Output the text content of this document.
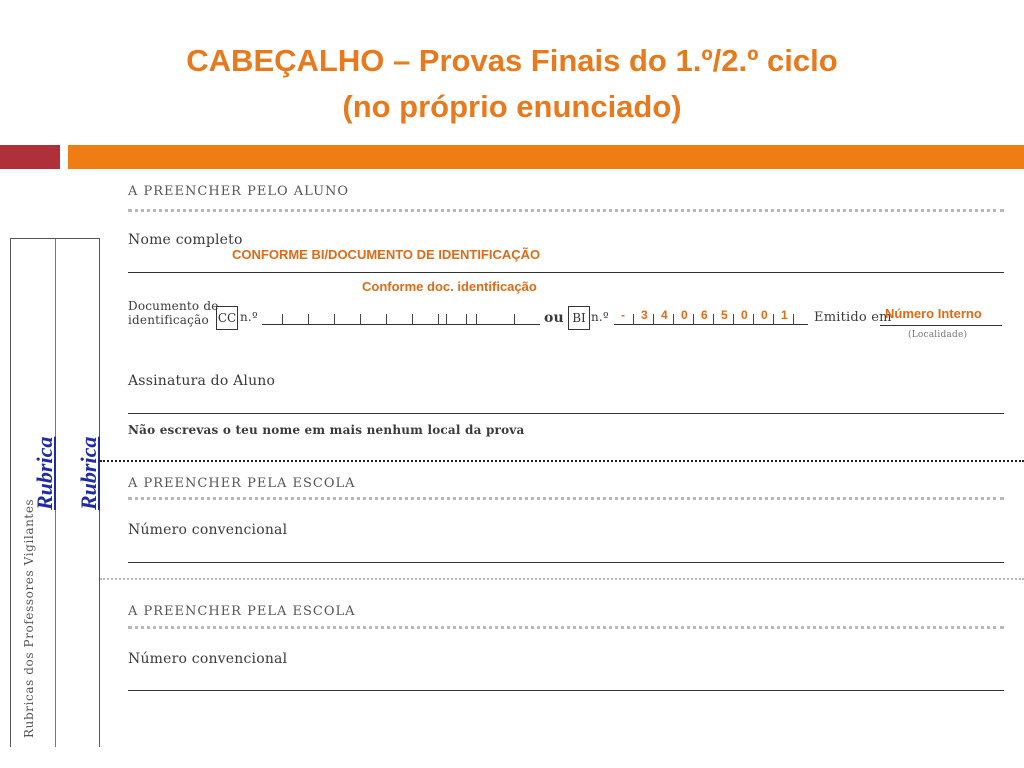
CABEÇALHO – Provas Finais do 1.º/2.º ciclo
(no próprio enunciado)
A PREENCHER PELO ALUNO
Nome completo
CONFORME BI/DOCUMENTO DE IDENTIFICAÇÃO
Conforme doc. identificação
Documento de
identificação CC n.º	ou BI n.º - 3 4 0 6 5 0 0 1 Emitido em
Número Interno
(Localidade)
Assinatura do Aluno
Não escrevas o teu nome em mais nenhum local da prova
A PREENCHER PELA ESCOLA
Número convencional
A PREENCHER PELA ESCOLA
Número convencional
Rubricas dos Professores Vigilantes
Rubrica Rubrica
